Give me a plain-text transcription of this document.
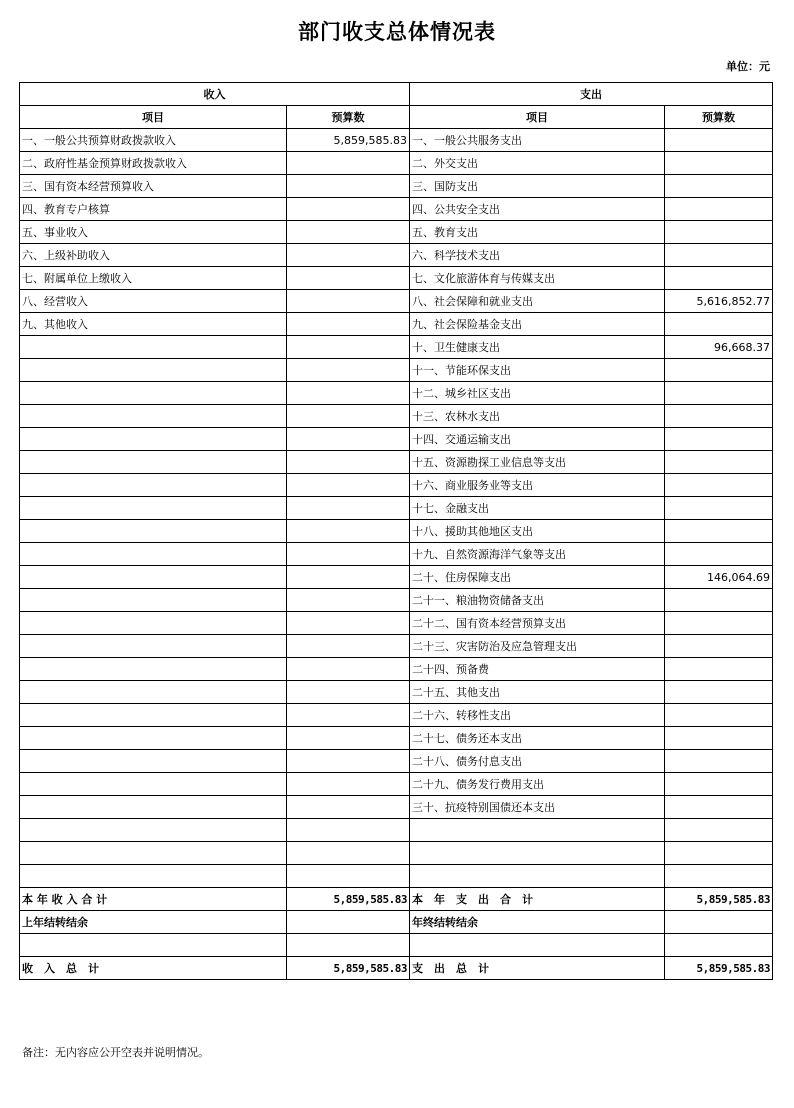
部门收支总体情况表
单位：元
收入		支出	
项目	预算数	项目	预算数
一、一般公共预算财政拨款收入	5,859,585.83	一、一般公共服务支出	
二、政府性基金预算财政拨款收入		二、外交支出	
三、国有资本经营预算收入		三、国防支出	
四、教育专户核算		四、公共安全支出	
五、事业收入		五、教育支出	
六、上级补助收入		六、科学技术支出	
七、附属单位上缴收入		七、文化旅游体育与传媒支出	
八、经营收入		八、社会保障和就业支出	5,616,852.77
九、其他收入		九、社会保险基金支出	
		十、卫生健康支出	96,668.37
		十一、节能环保支出	
		十二、城乡社区支出	
		十三、农林水支出	
		十四、交通运输支出	
		十五、资源勘探工业信息等支出	
		十六、商业服务业等支出	
		十七、金融支出	
		十八、援助其他地区支出	
		十九、自然资源海洋气象等支出	
		二十、住房保障支出	146,064.69
		二十一、粮油物资储备支出	
		二十二、国有资本经营预算支出	
		二十三、灾害防治及应急管理支出	
		二十四、预备费	
		二十五、其他支出	
		二十六、转移性支出	
		二十七、债务还本支出	
		二十八、债务付息支出	
		二十九、债务发行费用支出	
		三十、抗疫特别国债还本支出	

本 年 收 入 合 计	5,859,585.83	本　年　支　出　合　计	5,859,585.83
上年结转结余		年终结转结余	

收　入　总　计	5,859,585.83	支　出　总　计	5,859,585.83
备注：无内容应公开空表并说明情况。
